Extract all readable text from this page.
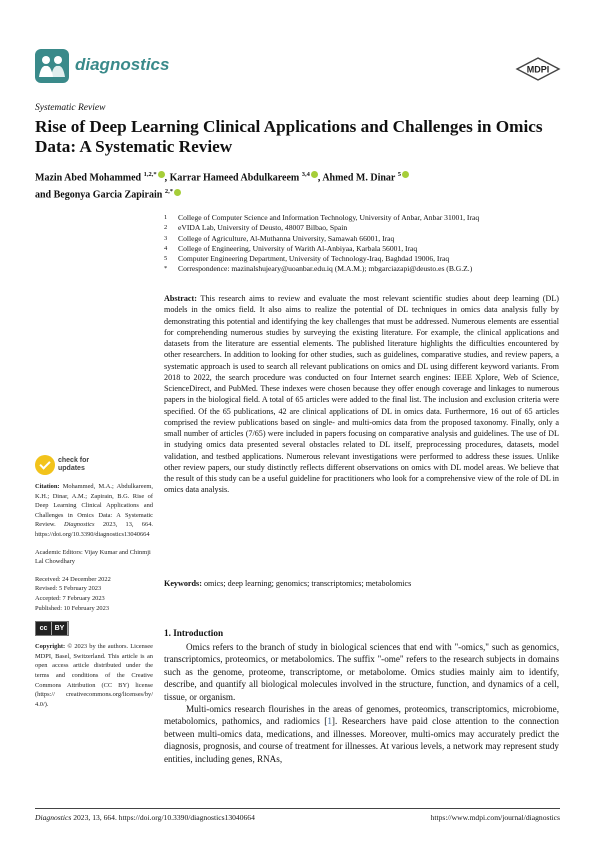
diagnostics	MDPI
Systematic Review
Rise of Deep Learning Clinical Applications and Challenges in Omics Data: A Systematic Review
Mazin Abed Mohammed $^{1,2,*}$ , Karrar Hameed Abdulkareem $^{3,4}$ , Ahmed M. Dinar $^5$
and Begonya Garcia Zapirain $^{2,*}$
1	College of Computer Science and Information Technology, University of Anbar, Anbar 31001, Iraq
2	eVIDA Lab, University of Deusto, 48007 Bilbao, Spain
3	College of Agriculture, Al-Muthanna University, Samawah 66001, Iraq
4	College of Engineering, University of Warith Al-Anbiyaa, Karbala 56001, Iraq
5	Computer Engineering Department, University of Technology-Iraq, Baghdad 19006, Iraq
*	Correspondence: mazinalshujeary@uoanbar.edu.iq (M.A.M.); mbgarciazapi@deusto.es (B.G.Z.)
Abstract: This research aims to review and evaluate the most relevant scientific studies about deep learning (DL) models in the omics field. It also aims to realize the potential of DL techniques in omics data analysis fully by demonstrating this potential and identifying the key challenges that must be addressed. Numerous elements are essential for comprehending numerous studies by surveying the existing literature. For example, the clinical applications and datasets from the literature are essential elements. The published literature highlights the difficulties encountered by other researchers. In addition to looking for other studies, such as guidelines, comparative studies, and review papers, a systematic approach is used to search all relevant publications on omics and DL using different keyword variants. From 2018 to 2022, the search procedure was conducted on four Internet search engines: IEEE Xplore, Web of Science, ScienceDirect, and PubMed. These indexes were chosen because they offer enough coverage and linkages to numerous papers in the biological field. A total of 65 articles were added to the final list. The inclusion and exclusion criteria were specified. Of the 65 publications, 42 are clinical applications of DL in omics data. Furthermore, 16 out of 65 articles comprised the review publications based on single- and multi-omics data from the proposed taxonomy. Finally, only a small number of articles (7/65) were included in papers focusing on comparative analysis and guidelines. The use of DL in studying omics data presented several obstacles related to DL itself, preprocessing procedures, datasets, model validation, and testbed applications. Numerous relevant investigations were performed to address these issues. Unlike other review papers, our study distinctly reflects different observations on omics with DL model areas. We believe that the result of this study can be a useful guideline for practitioners who look for a comprehensive view of the role of DL in omics data analysis.
Keywords: omics; deep learning; genomics; transcriptomics; metabolomics
check for
updates
Citation: Mohammed, M.A.; Abdulkareem, K.H.; Dinar, A.M.; Zapirain, B.G. Rise of Deep Learning Clinical Applications and Challenges in Omics Data: A Systematic Review. Diagnostics 2023, 13, 664. https://doi.org/10.3390/diagnostics13040664
Academic Editors: Vijay Kumar and Chinmji Lal Chowdhary
Received: 24 December 2022
Revised: 5 February 2023
Accepted: 7 February 2023
Published: 10 February 2023
cc	BY
Copyright: © 2023 by the authors. Licensee MDPI, Basel, Switzerland. This article is an open access article distributed under the terms and conditions of the Creative Commons Attribution (CC BY) license (https:// creativecommons.org/licenses/by/ 4.0/).
1. Introduction

Omics refers to the branch of study in biological sciences that end with "-omics," such as genomics, transcriptomics, proteomics, or metabolomics. The suffix "-ome" refers to the research subjects in domains such as the genome, proteome, transcriptome, or metabolome. Omics studies mainly aim to identify, describe, and quantify all biological molecules involved in the structure, function, and dynamics of a cell, tissue, or organism.

Multi-omics research flourishes in the areas of genomes, proteomics, transcriptomics, microbiome, metabolomics, pathomics, and radiomics [1]. Researchers have paid close attention to the connection between multi-omics data, medications, and illnesses. Moreover, multi-omics may accurately predict the diagnosis, prognosis, and course of treatment for illnesses. At various levels, a network may represent study entities, including genes, RNAs,

Diagnostics 2023, 13, 664. https://doi.org/10.3390/diagnostics13040664	https://www.mdpi.com/journal/diagnostics
